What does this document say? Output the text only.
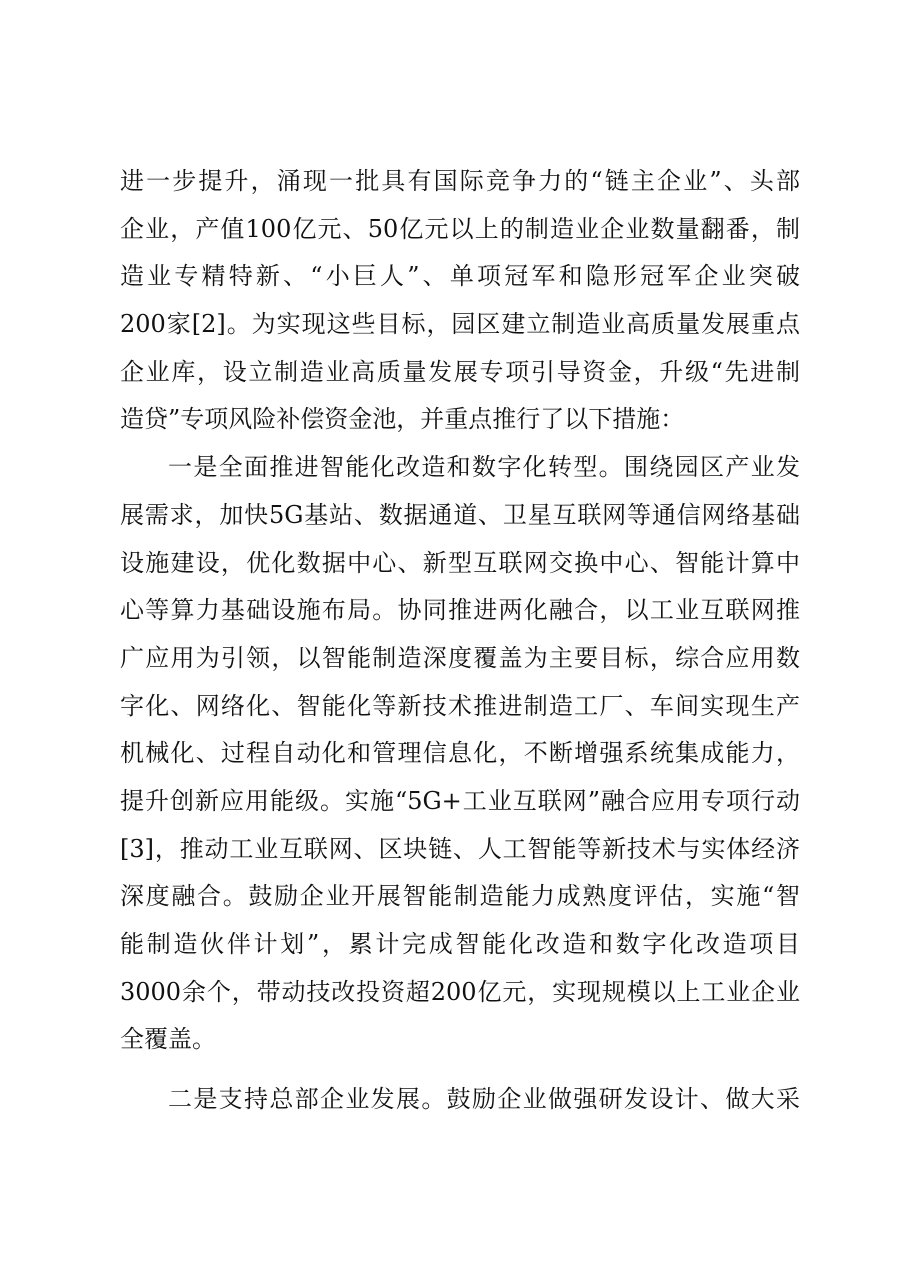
进一步提升，涌现一批具有国际竞争力的“链主企业”、头部
企业，产值100亿元、50亿元以上的制造业企业数量翻番，制
造业专精特新、“小巨人”、单项冠军和隐形冠军企业突破
200家[2]。为实现这些目标，园区建立制造业高质量发展重点
企业库，设立制造业高质量发展专项引导资金，升级“先进制
造贷”专项风险补偿资金池，并重点推行了以下措施：
一是全面推进智能化改造和数字化转型。围绕园区产业发
展需求，加快5G基站、数据通道、卫星互联网等通信网络基础
设施建设，优化数据中心、新型互联网交换中心、智能计算中
心等算力基础设施布局。协同推进两化融合，以工业互联网推
广应用为引领，以智能制造深度覆盖为主要目标，综合应用数
字化、网络化、智能化等新技术推进制造工厂、车间实现生产
机械化、过程自动化和管理信息化，不断增强系统集成能力，
提升创新应用能级。实施“5G+工业互联网”融合应用专项行动
[3]，推动工业互联网、区块链、人工智能等新技术与实体经济
深度融合。鼓励企业开展智能制造能力成熟度评估，实施“智
能制造伙伴计划”，累计完成智能化改造和数字化改造项目
3000余个，带动技改投资超200亿元，实现规模以上工业企业
全覆盖。
二是支持总部企业发展。鼓励企业做强研发设计、做大采
